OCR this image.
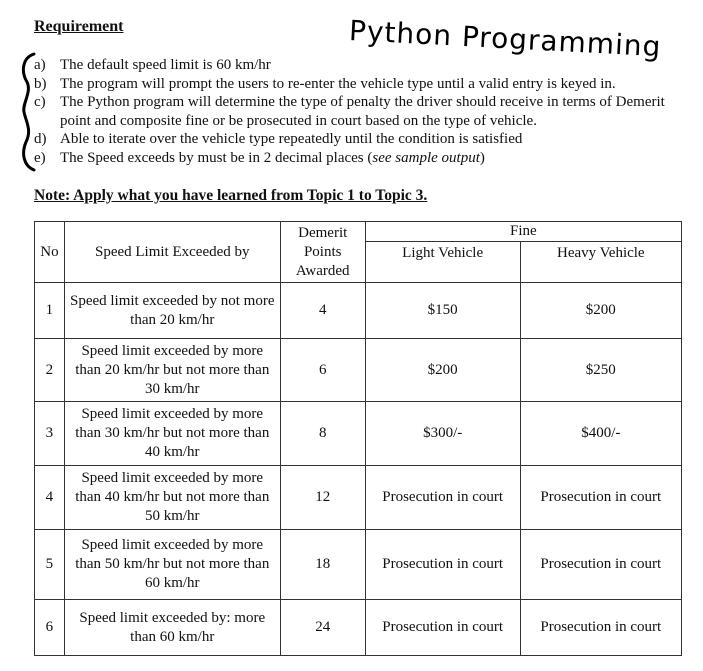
Requirement	Python Programming
a) The default speed limit is 60 km/hr
b) The program will prompt the users to re-enter the vehicle type until a valid entry is keyed in.
c) The Python program will determine the type of penalty the driver should receive in terms of Demerit point and composite fine or be prosecuted in court based on the type of vehicle.
d) Able to iterate over the vehicle type repeatedly until the condition is satisfied
e) The Speed exceeds by must be in 2 decimal places (see sample output)
Note: Apply what you have learned from Topic 1 to Topic 3.
No	Speed Limit Exceeded by	Demerit Points Awarded	Fine	
			Light Vehicle	Heavy Vehicle
1	Speed limit exceeded by not more than 20 km/hr	4	$150	$200
2	Speed limit exceeded by more than 20 km/hr but not more than 30 km/hr	6	$200	$250
3	Speed limit exceeded by more than 30 km/hr but not more than 40 km/hr	8	$300/-	$400/-
4	Speed limit exceeded by more than 40 km/hr but not more than 50 km/hr	12	Prosecution in court	Prosecution in court
5	Speed limit exceeded by more than 50 km/hr but not more than 60 km/hr	18	Prosecution in court	Prosecution in court
6	Speed limit exceeded by: more than 60 km/hr	24	Prosecution in court	Prosecution in court
